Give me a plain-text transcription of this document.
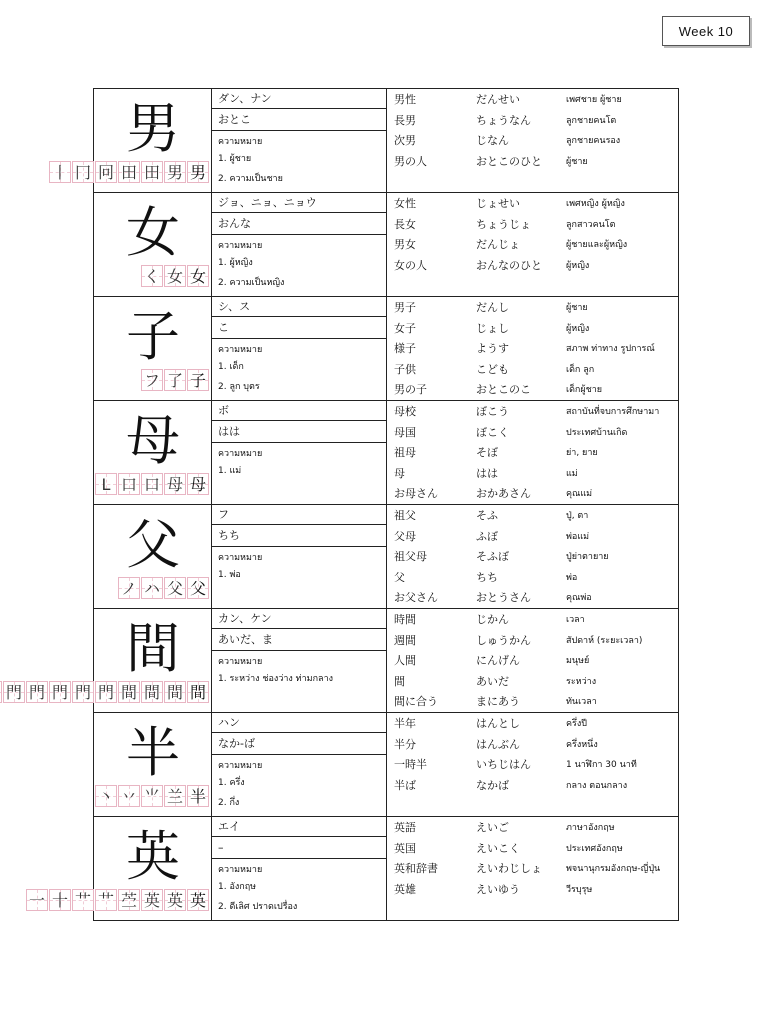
Week 10
男
丨 冂 冋 田 田 男 男
ダン、ナン
おとこ
ความหมาย
1. ผู้ชาย
2. ความเป็นชาย
男性	だんせい	เพศชาย ผู้ชาย
長男	ちょうなん	ลูกชายคนโต
次男	じなん	ลูกชายคนรอง
男の人	おとこのひと	ผู้ชาย
女
く 女 女
ジョ、ニョ、ニョウ
おんな
ความหมาย
1. ผู้หญิง
2. ความเป็นหญิง
女性	じょせい	เพศหญิง ผู้หญิง
長女	ちょうじょ	ลูกสาวคนโต
男女	だんじょ	ผู้ชายและผู้หญิง
女の人	おんなのひと	ผู้หญิง
子
フ 了 子
シ、ス
こ
ความหมาย
1. เด็ก
2. ลูก บุตร
男子	だんし	ผู้ชาย
女子	じょし	ผู้หญิง
様子	ようす	สภาพ ท่าทาง รูปการณ์
子供	こども	เด็ก ลูก
男の子	おとこのこ	เด็กผู้ชาย
母
L 口 口 母 母
ボ
はは
ความหมาย
1. แม่
母校	ぼこう	สถาบันที่จบการศึกษามา
母国	ぼこく	ประเทศบ้านเกิด
祖母	そぼ	ย่า, ยาย
母	はは	แม่
お母さん	おかあさん	คุณแม่
父
ノ ハ 父 父
フ
ちち
ความหมาย
1. พ่อ
祖父	そふ	ปู่, ตา
父母	ふぼ	พ่อแม่
祖父母	そふぼ	ปู่ย่าตายาย
父	ちち	พ่อ
お父さん	おとうさん	คุณพ่อ
間
門 門 門 門 門 間 間 間 間
カン、ケン
あいだ、ま
ความหมาย
1. ระหว่าง ช่องว่าง ท่ามกลาง
時間	じかん	เวลา
週間	しゅうかん	สัปดาห์ (ระยะเวลา)
人間	にんげん	มนุษย์
間	あいだ	ระหว่าง
間に合う	まにあう	ทันเวลา
半
丶 丷 ⺌ 兰 半
ハン
なか-ば
ความหมาย
1. ครึ่ง
2. กึ่ง
半年	はんとし	ครึ่งปี
半分	はんぶん	ครึ่งหนึ่ง
一時半	いちじはん	1 นาฬิกา 30 นาที
半ば	なかば	กลาง ตอนกลาง
英
一 十 艹 艹 苎 英 英 英
エイ
–
ความหมาย
1. อังกฤษ
2. ดีเลิศ ปราดเปรื่อง
英語	えいご	ภาษาอังกฤษ
英国	えいこく	ประเทศอังกฤษ
英和辞書	えいわじしょ	พจนานุกรมอังกฤษ-ญี่ปุ่น
英雄	えいゆう	วีรบุรุษ
